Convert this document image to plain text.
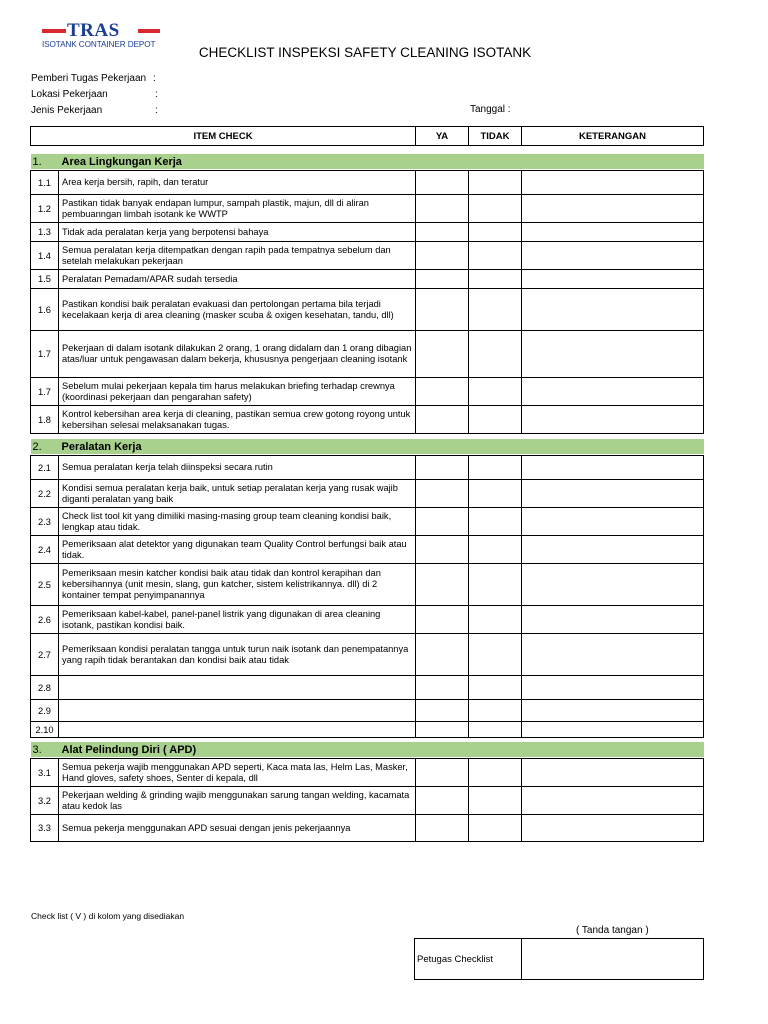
TRAS
ISOTANK CONTAINER DEPOT
CHECKLIST INSPEKSI SAFETY CLEANING ISOTANK
Pemberi Tugas Pekerjaan :
Lokasi Pekerjaan	:
Jenis Pekerjaan	:	Tanggal :
ITEM CHECK		YA	TIDAK	KETERANGAN

1. Area Lingkungan Kerja				

1.1	Area kerja bersih, rapih, dan teratur			
1.2	Pastikan tidak banyak endapan lumpur, sampah plastik, majun, dll di aliran pembuanngan limbah isotank ke WWTP			
1.3	Tidak ada peralatan kerja yang berpotensi bahaya			
1.4	Semua peralatan kerja ditempatkan dengan rapih pada tempatnya sebelum dan setelah melakukan pekerjaan			
1.5	Peralatan Pemadam/APAR sudah tersedia			
1.6	Pastikan kondisi baik peralatan evakuasi dan pertolongan pertama bila terjadi kecelakaan kerja di area cleaning (masker scuba & oxigen kesehatan, tandu, dll)			
1.7	Pekerjaan di dalam isotank dilakukan 2 orang, 1 orang didalam dan 1 orang dibagian atas/luar untuk pengawasan dalam bekerja, khususnya pengerjaan cleaning isotank			
1.7	Sebelum mulai pekerjaan kepala tim harus melakukan briefing terhadap crewnya (koordinasi pekerjaan dan pengarahan safety)			
1.8	Kontrol kebersihan area kerja di cleaning, pastikan semua crew gotong royong untuk kebersihan selesai melaksanakan tugas.			

2. Peralatan Kerja				

2.1	Semua peralatan kerja telah diinspeksi secara rutin			
2.2	Kondisi semua peralatan kerja baik, untuk setiap peralatan kerja yang rusak wajib diganti peralatan yang baik			
2.3	Check list tool kit yang dimiliki masing-masing group team cleaning kondisi baik, lengkap atau tidak.			
2.4	Pemeriksaan alat detektor yang digunakan team Quality Control berfungsi baik atau tidak.			
2.5	Pemeriksaan mesin katcher kondisi baik atau tidak dan kontrol kerapihan dan kebersihannya (unit mesin, slang, gun katcher, sistem kelistrikannya. dll) di 2 kontainer tempat penyimpanannya			
2.6	Pemeriksaan kabel-kabel, panel-panel listrik yang digunakan di area cleaning isotank, pastikan kondisi baik.			
2.7	Pemeriksaan kondisi peralatan tangga untuk turun naik isotank dan penempatannya yang rapih tidak berantakan dan kondisi baik atau tidak			
2.8				
2.9				
2.10				

3. Alat Pelindung Diri ( APD)				

3.1	Semua pekerja wajib menggunakan APD seperti, Kaca mata las, Helm Las, Masker, Hand gloves, safety shoes, Senter di kepala, dll			
3.2	Pekerjaan welding & grinding wajib menggunakan sarung tangan welding, kacamata atau kedok las			
3.3	Semua pekerja menggunakan APD sesuai dengan jenis pekerjaannya			
Check list ( V ) di kolom yang disediakan
( Tanda tangan )
Petugas Checklist	
